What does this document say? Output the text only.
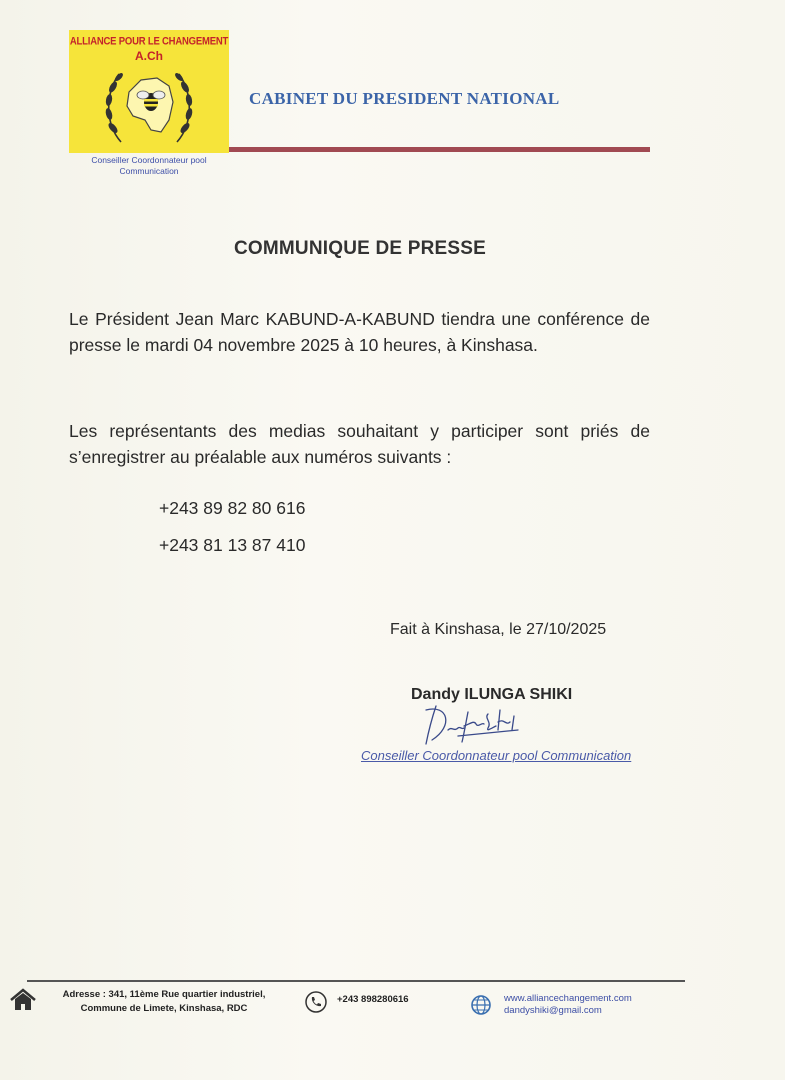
ALLIANCE POUR LE CHANGEMENT
A.Ch
Conseiller Coordonnateur pool
Communication
CABINET DU PRESIDENT NATIONAL
COMMUNIQUE DE PRESSE
Le Président Jean Marc KABUND-A-KABUND tiendra une conférence de presse le mardi 04 novembre 2025 à 10 heures, à Kinshasa.
Les représentants des medias souhaitant y participer sont priés de s’enregistrer au préalable aux numéros suivants :
+243 89 82 80 616
+243 81 13 87 410
Fait à Kinshasa, le 27/10/2025
Dandy ILUNGA SHIKI
Conseiller Coordonnateur pool Communication
Adresse : 341, 11ème Rue quartier industriel,
Commune de Limete, Kinshasa, RDC
+243 898280616	www.alliancechangement.com
dandyshiki@gmail.com
